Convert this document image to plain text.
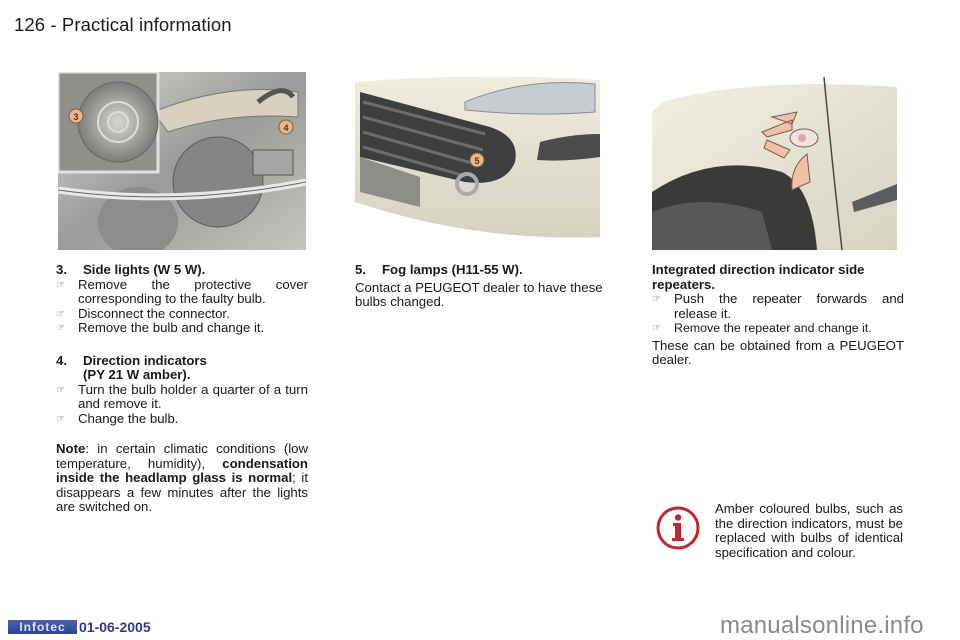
126 - Practical information
3
4
5

3. Side lights (W 5 W).

☞ Remove the protective cover corresponding to the faulty bulb.

☞ Disconnect the connector.

☞ Remove the bulb and change it.

4. Direction indicators
(PY 21 W amber).

☞ Turn the bulb holder a quarter of a turn and remove it.

☞ Change the bulb.

Note: in certain climatic conditions (low temperature, humidity), condensation inside the headlamp glass is normal; it disappears a few minutes after the lights are switched on.

5. Fog lamps (H11-55 W).

Contact a PEUGEOT dealer to have these bulbs changed.

Integrated direction indicator side repeaters.

☞ Push the repeater forwards and release it.

☞ Remove the repeater and change it.

These can be obtained from a PEUGEOT dealer.

Amber coloured bulbs, such as the direction indicators, must be replaced with bulbs of identical specification and colour.
Infotec 01-06-2005	manualsonline.info
